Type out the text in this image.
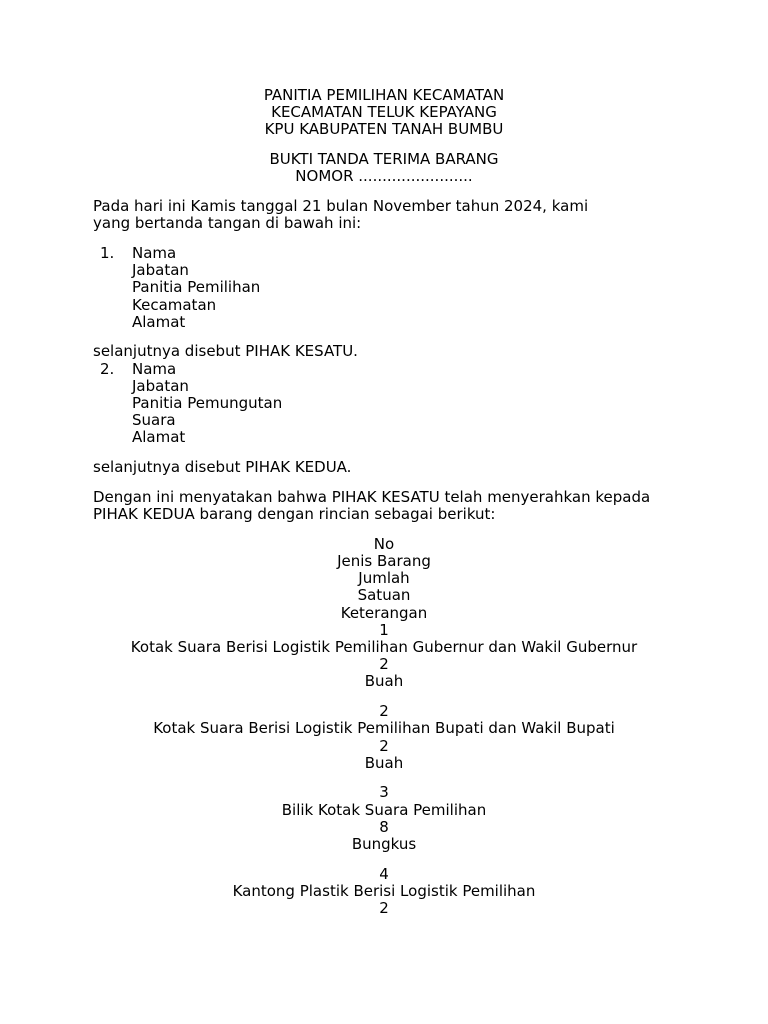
PANITIA PEMILIHAN KECAMATAN
KECAMATAN TELUK KEPAYANG
KPU KABUPATEN TANAH BUMBU
BUKTI TANDA TERIMA BARANG
NOMOR ........................
Pada hari ini Kamis tanggal 21 bulan November tahun 2024, kami
yang bertanda tangan di bawah ini:
1. Nama
Jabatan
Panitia Pemilihan
Kecamatan
Alamat
selanjutnya disebut PIHAK KESATU.
2. Nama
Jabatan
Panitia Pemungutan
Suara
Alamat
selanjutnya disebut PIHAK KEDUA.
Dengan ini menyatakan bahwa PIHAK KESATU telah menyerahkan kepada
PIHAK KEDUA barang dengan rincian sebagai berikut:
No
Jenis Barang
Jumlah
Satuan
Keterangan
1
Kotak Suara Berisi Logistik Pemilihan Gubernur dan Wakil Gubernur
2
Buah
2
Kotak Suara Berisi Logistik Pemilihan Bupati dan Wakil Bupati
2
Buah
3
Bilik Kotak Suara Pemilihan
8
Bungkus
4
Kantong Plastik Berisi Logistik Pemilihan
2
